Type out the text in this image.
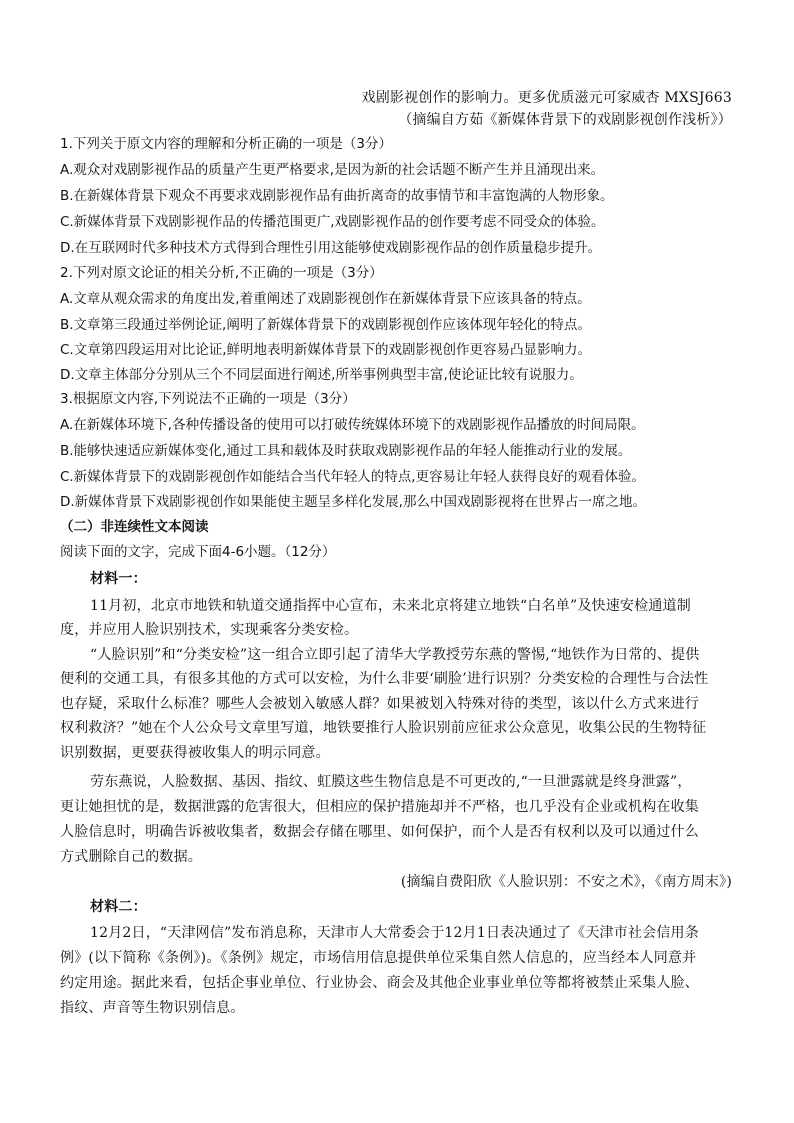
戏剧影视创作的影响力。更多优质滋元可家威杏 MXSJ663
（摘编自方茹《新媒体背景下的戏剧影视创作浅析》）
1.下列关于原文内容的理解和分析正确的一项是（3分）
A.观众对戏剧影视作品的质量产生更严格要求,是因为新的社会话题不断产生并且涌现出来。
B.在新媒体背景下观众不再要求戏剧影视作品有曲折离奇的故事情节和丰富饱满的人物形象。
C.新媒体背景下戏剧影视作品的传播范围更广,戏剧影视作品的创作要考虑不同受众的体验。
D.在互联网时代多种技术方式得到合理性引用这能够使戏剧影视作品的创作质量稳步提升。
2.下列对原文论证的相关分析,不正确的一项是（3分）
A.文章从观众需求的角度出发,着重阐述了戏剧影视创作在新媒体背景下应该具备的特点。
B.文章第三段通过举例论证,阐明了新媒体背景下的戏剧影视创作应该体现年轻化的特点。
C.文章第四段运用对比论证,鲜明地表明新媒体背景下的戏剧影视创作更容易凸显影响力。
D.文章主体部分分别从三个不同层面进行阐述,所举事例典型丰富,使论证比较有说服力。
3.根据原文内容,下列说法不正确的一项是（3分）
A.在新媒体环境下,各种传播设备的使用可以打破传统媒体环境下的戏剧影视作品播放的时间局限。
B.能够快速适应新媒体变化,通过工具和载体及时获取戏剧影视作品的年轻人能推动行业的发展。
C.新媒体背景下的戏剧影视创作如能结合当代年轻人的特点,更容易让年轻人获得良好的观看体验。
D.新媒体背景下戏剧影视创作如果能使主题呈多样化发展,那么中国戏剧影视将在世界占一席之地。
（二）非连续性文本阅读
阅读下面的文字，完成下面4-6小题。（12分）
材料一：
11月初，北京市地铁和轨道交通指挥中心宣布，未来北京将建立地铁“白名单”及快速安检通道制
度，并应用人脸识别技术，实现乘客分类安检。
“人脸识别”和“分类安检”这一组合立即引起了清华大学教授劳东燕的警惕,“地铁作为日常的、提供
便利的交通工具，有很多其他的方式可以安检，为什么非要‘刷脸’进行识别？分类安检的合理性与合法性
也存疑，采取什么标准？哪些人会被划入敏感人群？如果被划入特殊对待的类型，该以什么方式来进行
权利救济？”她在个人公众号文章里写道，地铁要推行人脸识别前应征求公众意见，收集公民的生物特征
识别数据，更要获得被收集人的明示同意。
劳东燕说，人脸数据、基因、指纹、虹膜这些生物信息是不可更改的,“一旦泄露就是终身泄露”，
更让她担忧的是，数据泄露的危害很大，但相应的保护措施却并不严格，也几乎没有企业或机构在收集
人脸信息时，明确告诉被收集者，数据会存储在哪里、如何保护，而个人是否有权利以及可以通过什么
方式删除自己的数据。
(摘编自费阳欣《人脸识别：不安之术》，《南方周末》)
材料二：
12月2日，“天津网信”发布消息称，天津市人大常委会于12月1日表决通过了《天津市社会信用条
例》(以下简称《条例》)。《条例》规定，市场信用信息提供单位采集自然人信息的，应当经本人同意并
约定用途。据此来看，包括企事业单位、行业协会、商会及其他企业事业单位等都将被禁止采集人脸、
指纹、声音等生物识别信息。
